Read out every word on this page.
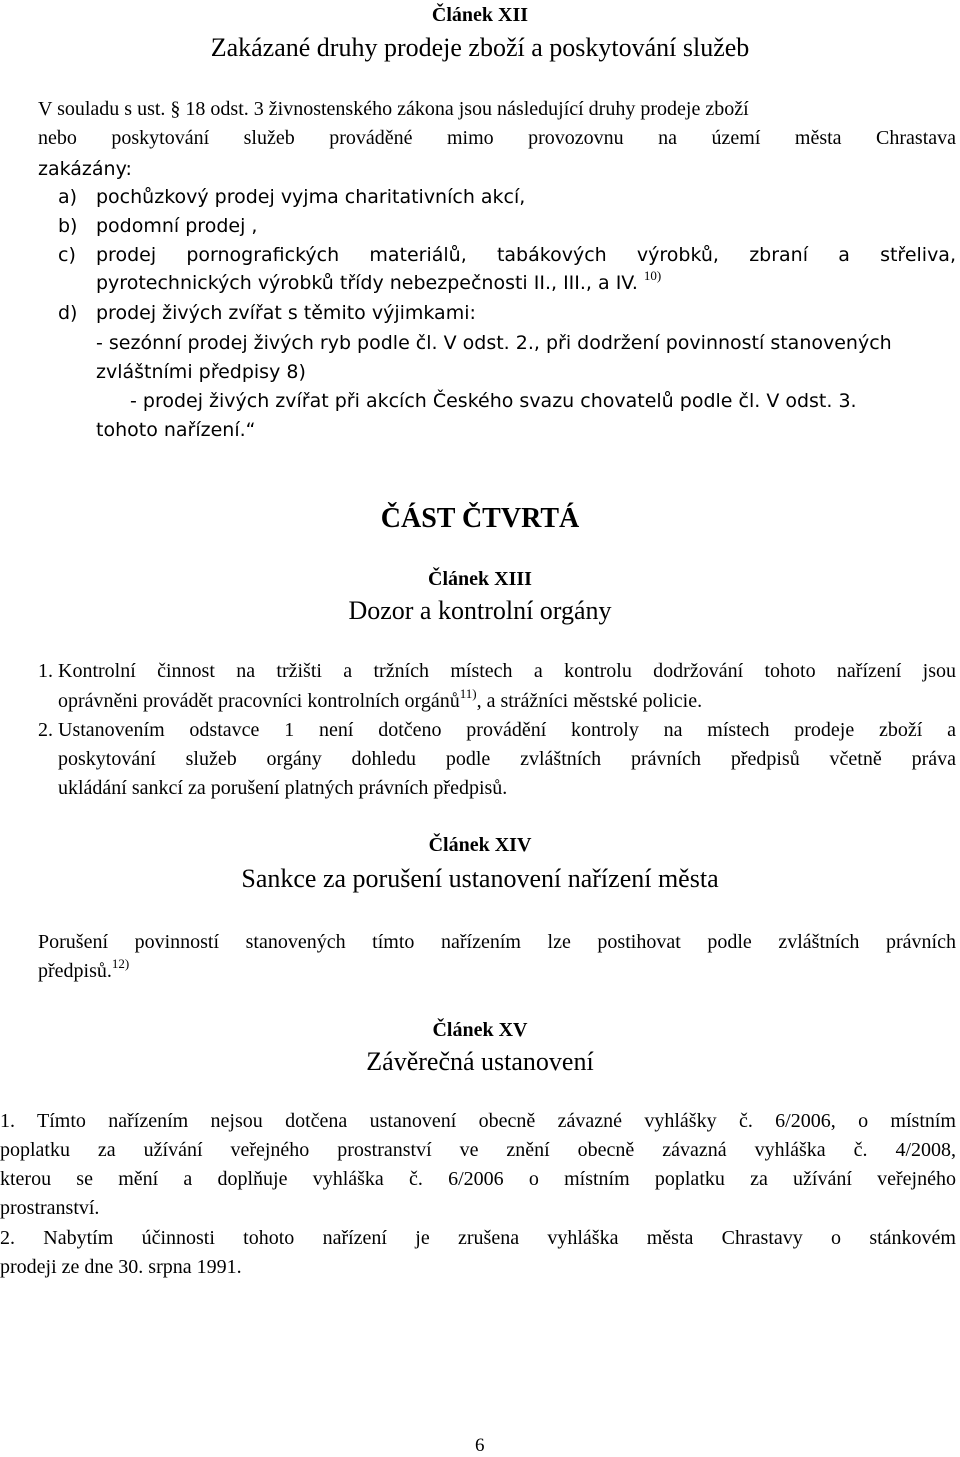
Článek XII
Zakázané druhy prodeje zboží a poskytování služeb
V souladu s ust. § 18 odst. 3 živnostenského zákona jsou následující druhy prodeje zboží
nebo poskytování služeb prováděné mimo provozovnu na území města Chrastava
zakázány:
a) pochůzkový prodej vyjma charitativních akcí,
b) podomní prodej ,
c) prodej pornografických materiálů, tabákových výrobků, zbraní a střeliva,
pyrotechnických výrobků třídy nebezpečnosti II., III., a IV. $^{10)}$
d) prodej živých zvířat s těmito výjimkami:
- sezónní prodej živých ryb podle čl. V odst. 2., při dodržení povinností stanovených
zvláštními předpisy 8)
- prodej živých zvířat při akcích Českého svazu chovatelů podle čl. V odst. 3.
tohoto nařízení.“
ČÁST ČTVRTÁ
Článek XIII
Dozor a kontrolní orgány
1. Kontrolní činnost na tržišti a tržních místech a kontrolu dodržování tohoto nařízení jsou
oprávněni provádět pracovníci kontrolních orgánů$^{11)}$, a strážníci městské policie.
2. Ustanovením odstavce 1 není dotčeno provádění kontroly na místech prodeje zboží a
poskytování služeb orgány dohledu podle zvláštních právních předpisů včetně práva
ukládání sankcí za porušení platných právních předpisů.
Článek XIV
Sankce za porušení ustanovení nařízení města
Porušení povinností stanovených tímto nařízením lze postihovat podle zvláštních právních
předpisů.$^{12)}$
Článek XV
Závěrečná ustanovení
1. Tímto nařízením nejsou dotčena ustanovení obecně závazné vyhlášky č. 6/2006, o místním
poplatku za užívání veřejného prostranství ve znění obecně závazná vyhláška č. 4/2008,
kterou se mění a doplňuje vyhláška č. 6/2006 o místním poplatku za užívání veřejného
prostranství.
2. Nabytím účinnosti tohoto nařízení je zrušena vyhláška města Chrastavy o stánkovém
prodeji ze dne 30. srpna 1991.
6
